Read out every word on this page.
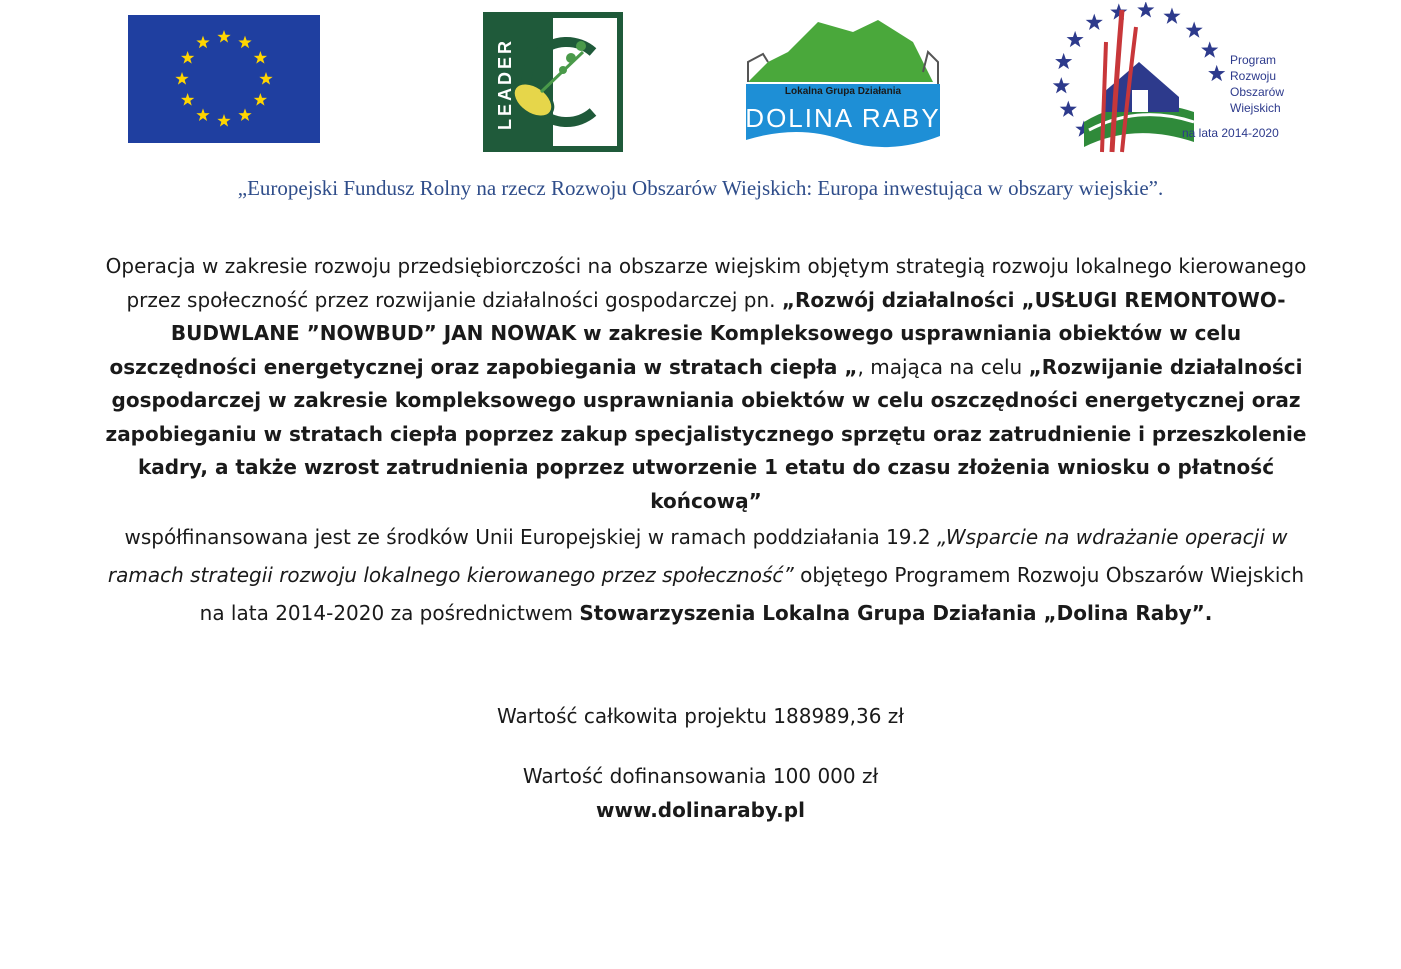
LEADER	Lokalna Grupa Działania
DOLINA RABY
Program Rozwoju Obszarów Wiejskich
na lata 2014-2020
„Europejski Fundusz Rolny na rzecz Rozwoju Obszarów Wiejskich: Europa inwestująca w obszary wiejskie”.
Operacja w zakresie rozwoju przedsiębiorczości na obszarze wiejskim objętym strategią rozwoju lokalnego kierowanego przez społeczność przez rozwijanie działalności gospodarczej pn. „Rozwój działalności „USŁUGI REMONTOWO-BUDWLANE ”NOWBUD” JAN NOWAK w zakresie Kompleksowego usprawniania obiektów w celu oszczędności energetycznej oraz zapobiegania w stratach ciepła „, mająca na celu „Rozwijanie działalności gospodarczej w zakresie kompleksowego usprawniania obiektów w celu oszczędności energetycznej oraz zapobieganiu w stratach ciepła poprzez zakup specjalistycznego sprzętu oraz zatrudnienie i przeszkolenie kadry, a także wzrost zatrudnienia poprzez utworzenie 1 etatu do czasu złożenia wniosku o płatność końcową”
współfinansowana jest ze środków Unii Europejskiej w ramach poddziałania 19.2 „Wsparcie na wdrażanie operacji w ramach strategii rozwoju lokalnego kierowanego przez społeczność” objętego Programem Rozwoju Obszarów Wiejskich na lata 2014-2020 za pośrednictwem Stowarzyszenia Lokalna Grupa Działania „Dolina Raby”.
Wartość całkowita projektu 188989,36 zł
Wartość dofinansowania 100 000 zł
www.dolinaraby.pl
